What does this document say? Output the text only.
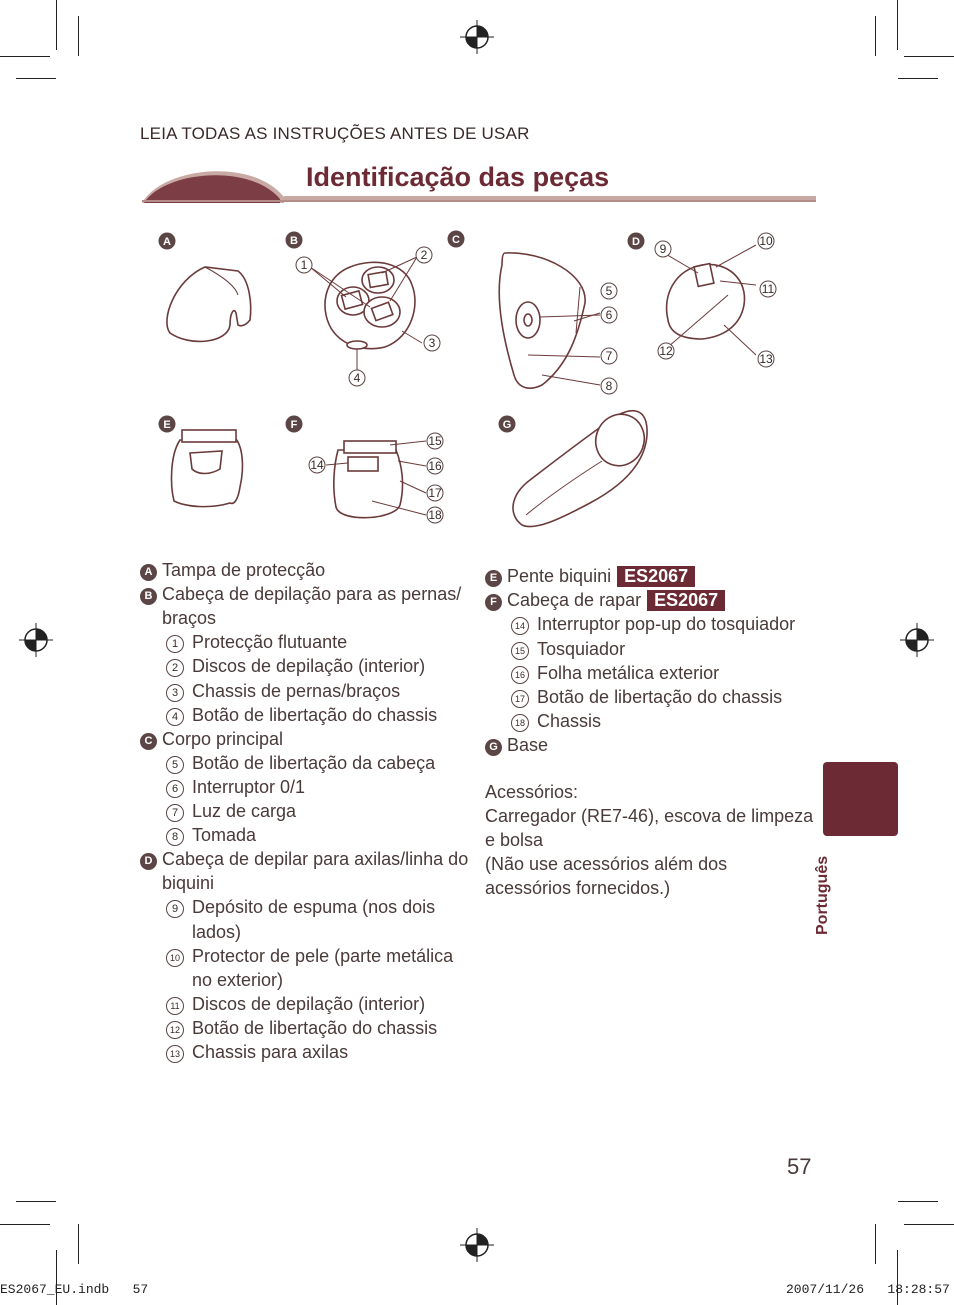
LEIA TODAS AS INSTRUÇÕES ANTES DE USAR
Identificação das peças
A	B
1
2
3
4
C
5
6
7
8
D 9
10
11
12
13
E	F
14
15
16
17
18
G
A Tampa de protecção
B Cabeça de depilação para as pernas/
braços
1 Protecção flutuante
2 Discos de depilação (interior)
3 Chassis de pernas/braços
4 Botão de libertação do chassis
C Corpo principal
5 Botão de libertação da cabeça
6 Interruptor 0/1
7 Luz de carga
8 Tomada
D Cabeça de depilar para axilas/linha do
biquini
9 Depósito de espuma (nos dois
lados)
10 Protector de pele (parte metálica
no exterior)
11 Discos de depilação (interior)
12 Botão de libertação do chassis
13 Chassis para axilas
E Pente biquini ES2067
F Cabeça de rapar ES2067
14 Interruptor pop-up do tosquiador
15 Tosquiador
16 Folha metálica exterior
17 Botão de libertação do chassis
18 Chassis
G Base
Acessórios:
Carregador (RE7-46), escova de limpeza
e bolsa
(Não use acessórios além dos
acessórios fornecidos.)	Português
57
ES2067_EU.indb   57	2007/11/26   18:28:57
